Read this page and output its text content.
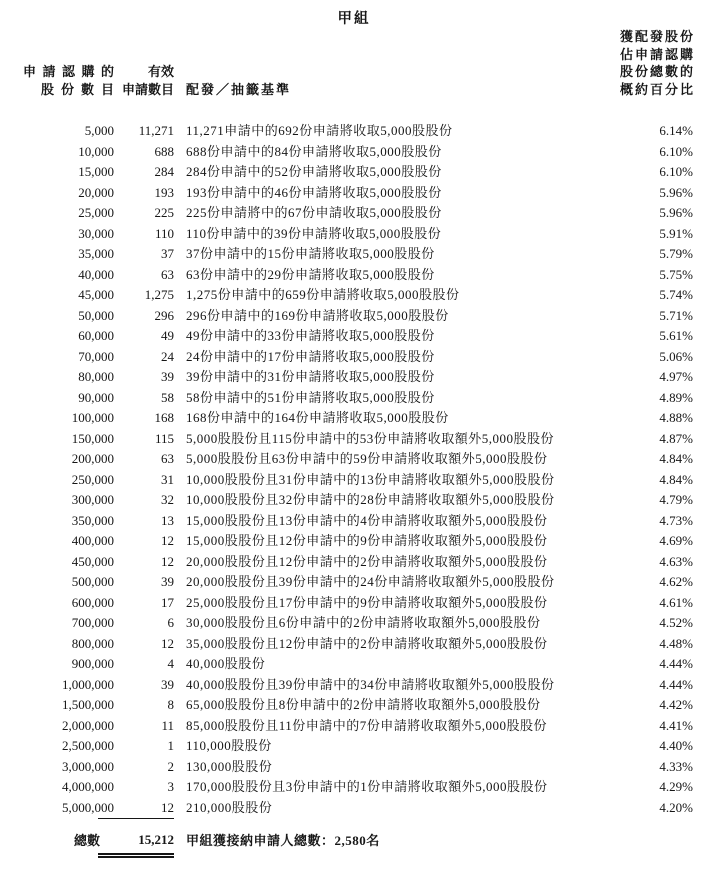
甲組
申請認購的
股份數目	有效
申請數目	配發／抽籤基準	獲配發股份
佔申請認購
股份總數的
概約百分比

5,000	11,271	11,271申請中的692份申請將收取5,000股股份	6.14%
10,000	688	688份申請中的84份申請將收取5,000股股份	6.10%
15,000	284	284份申請中的52份申請將收取5,000股股份	6.10%
20,000	193	193份申請中的46份申請將收取5,000股股份	5.96%
25,000	225	225份申請將中的67份申請收取5,000股股份	5.96%
30,000	110	110份申請中的39份申請將收取5,000股股份	5.91%
35,000	37	37份申請中的15份申請將收取5,000股股份	5.79%
40,000	63	63份申請中的29份申請將收取5,000股股份	5.75%
45,000	1,275	1,275份申請中的659份申請將收取5,000股股份	5.74%
50,000	296	296份申請中的169份申請將收取5,000股股份	5.71%
60,000	49	49份申請中的33份申請將收取5,000股股份	5.61%
70,000	24	24份申請中的17份申請將收取5,000股股份	5.06%
80,000	39	39份申請中的31份申請將收取5,000股股份	4.97%
90,000	58	58份申請中的51份申請將收取5,000股股份	4.89%
100,000	168	168份申請中的164份申請將收取5,000股股份	4.88%
150,000	115	5,000股股份且115份申請中的53份申請將收取額外5,000股股份	4.87%
200,000	63	5,000股股份且63份申請中的59份申請將收取額外5,000股股份	4.84%
250,000	31	10,000股股份且31份申請中的13份申請將收取額外5,000股股份	4.84%
300,000	32	10,000股股份且32份申請中的28份申請將收取額外5,000股股份	4.79%
350,000	13	15,000股股份且13份申請中的4份申請將收取額外5,000股股份	4.73%
400,000	12	15,000股股份且12份申請中的9份申請將收取額外5,000股股份	4.69%
450,000	12	20,000股股份且12份申請中的2份申請將收取額外5,000股股份	4.63%
500,000	39	20,000股股份且39份申請中的24份申請將收取額外5,000股股份	4.62%
600,000	17	25,000股股份且17份申請中的9份申請將收取額外5,000股股份	4.61%
700,000	6	30,000股股份且6份申請中的2份申請將收取額外5,000股股份	4.52%
800,000	12	35,000股股份且12份申請中的2份申請將收取額外5,000股股份	4.48%
900,000	4	40,000股股份	4.44%
1,000,000	39	40,000股股份且39份申請中的34份申請將收取額外5,000股股份	4.44%
1,500,000	8	65,000股股份且8份申請中的2份申請將收取額外5,000股股份	4.42%
2,000,000	11	85,000股股份且11份申請中的7份申請將收取額外5,000股股份	4.41%
2,500,000	1	110,000股股份	4.40%
3,000,000	2	130,000股股份	4.33%
4,000,000	3	170,000股股份且3份申請中的1份申請將收取額外5,000股股份	4.29%
5,000,000	12	210,000股股份	4.20%
總數	15,212	甲組獲接納申請人總數：2,580名	
